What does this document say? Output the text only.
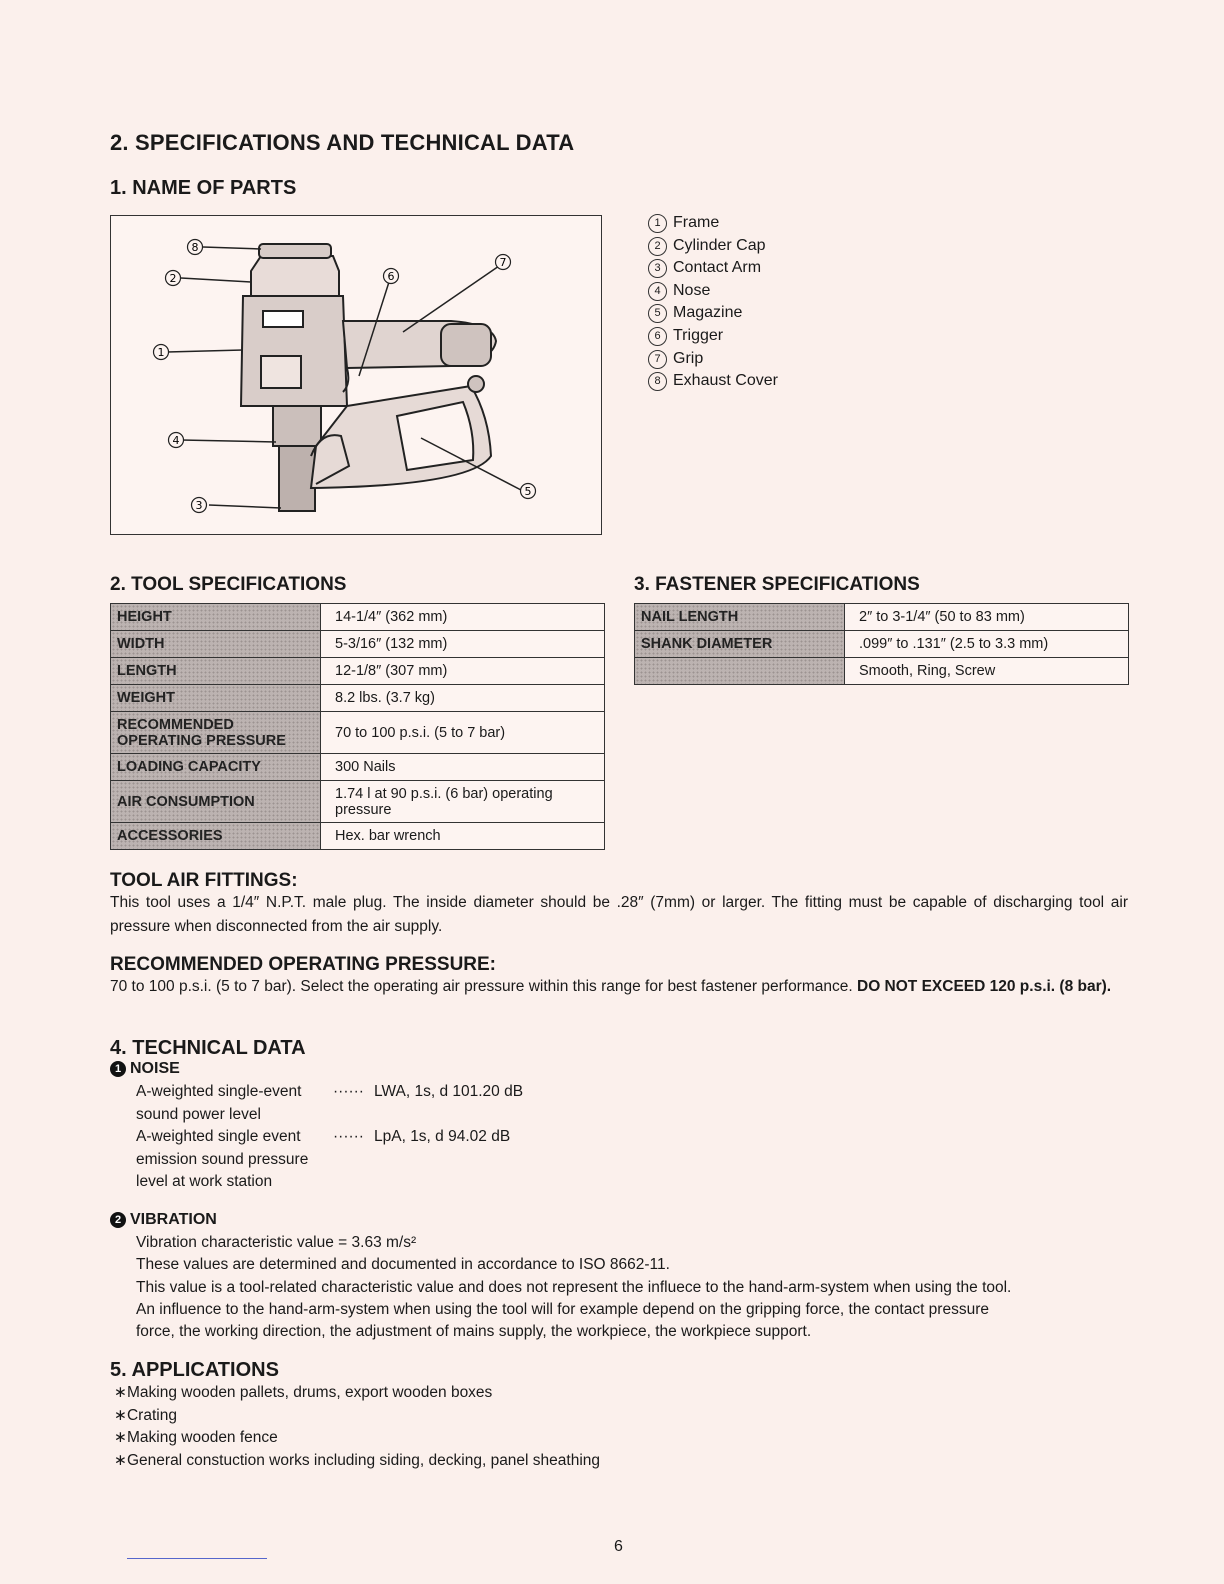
2. SPECIFICATIONS AND TECHNICAL DATA
1. NAME OF PARTS
8
2
1
4
3
6
7
5
1 Frame
2 Cylinder Cap
3 Contact Arm
4 Nose
5 Magazine
6 Trigger
7 Grip
8 Exhaust Cover
2. TOOL SPECIFICATIONS
HEIGHT	14-1/4″ (362 mm)
WIDTH	5-3/16″ (132 mm)
LENGTH	12-1/8″ (307 mm)
WEIGHT	8.2 lbs. (3.7 kg)
RECOMMENDED OPERATING PRESSURE	70 to 100 p.s.i. (5 to 7 bar)
LOADING CAPACITY	300 Nails
AIR CONSUMPTION	1.74 l at 90 p.s.i. (6 bar) operating pressure
ACCESSORIES	Hex. bar wrench
3. FASTENER SPECIFICATIONS
NAIL LENGTH	2″ to 3-1/4″ (50 to 83 mm)
SHANK DIAMETER	.099″ to .131″ (2.5 to 3.3 mm)
	Smooth, Ring, Screw
TOOL AIR FITTINGS:
This tool uses a 1/4″ N.P.T. male plug. The inside diameter should be .28″ (7mm) or larger. The fitting must be capable of discharging tool air pressure when disconnected from the air supply.
RECOMMENDED OPERATING PRESSURE:
70 to 100 p.s.i. (5 to 7 bar). Select the operating air pressure within this range for best fastener performance. DO NOT EXCEED 120 p.s.i. (8 bar).
4. TECHNICAL DATA
1 NOISE
A-weighted single-event ······ LWA, 1s, d 101.20 dB
sound power level
A-weighted single event ······ LpA, 1s, d 94.02 dB
emission sound pressure
level at work station
2 VIBRATION
Vibration characteristic value = 3.63 m/s²
These values are determined and documented in accordance to ISO 8662-11.
This value is a tool-related characteristic value and does not represent the influece to the hand-arm-system when using the tool.
An influence to the hand-arm-system when using the tool will for example depend on the gripping force, the contact pressure
force, the working direction, the adjustment of mains supply, the workpiece, the workpiece support.
5. APPLICATIONS
∗Making wooden pallets, drums, export wooden boxes
∗Crating
∗Making wooden fence
∗General constuction works including siding, decking, panel sheathing
6
